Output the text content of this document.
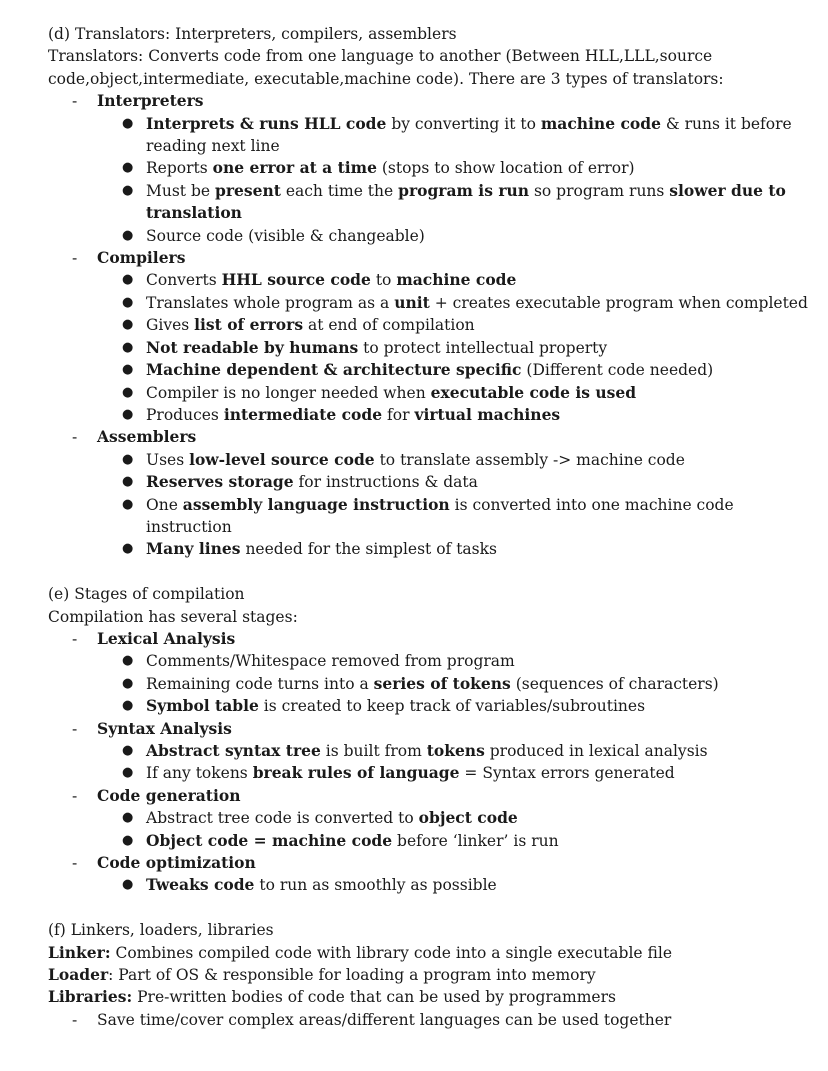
(d) Translators: Interpreters, compilers, assemblers
Translators: Converts code from one language to another (Between HLL,LLL,source
code,object,intermediate, executable,machine code). There are 3 types of translators:
- Interpreters
● Interprets & runs HLL code by converting it to machine code & runs it before
reading next line
● Reports one error at a time (stops to show location of error)
● Must be present each time the program is run so program runs slower due to
translation
● Source code (visible & changeable)
- Compilers
● Converts HHL source code to machine code
● Translates whole program as a unit + creates executable program when completed
● Gives list of errors at end of compilation
● Not readable by humans to protect intellectual property
● Machine dependent & architecture specific (Different code needed)
● Compiler is no longer needed when executable code is used
● Produces intermediate code for virtual machines
- Assemblers
● Uses low-level source code to translate assembly -> machine code
● Reserves storage for instructions & data
● One assembly language instruction is converted into one machine code
instruction
● Many lines needed for the simplest of tasks
(e) Stages of compilation
Compilation has several stages:
- Lexical Analysis
● Comments/Whitespace removed from program
● Remaining code turns into a series of tokens (sequences of characters)
● Symbol table is created to keep track of variables/subroutines
- Syntax Analysis
● Abstract syntax tree is built from tokens produced in lexical analysis
● If any tokens break rules of language = Syntax errors generated
- Code generation
● Abstract tree code is converted to object code
● Object code = machine code before ‘linker’ is run
- Code optimization
● Tweaks code to run as smoothly as possible
(f) Linkers, loaders, libraries
Linker: Combines compiled code with library code into a single executable file
Loader: Part of OS & responsible for loading a program into memory
Libraries: Pre-written bodies of code that can be used by programmers
- Save time/cover complex areas/different languages can be used together
